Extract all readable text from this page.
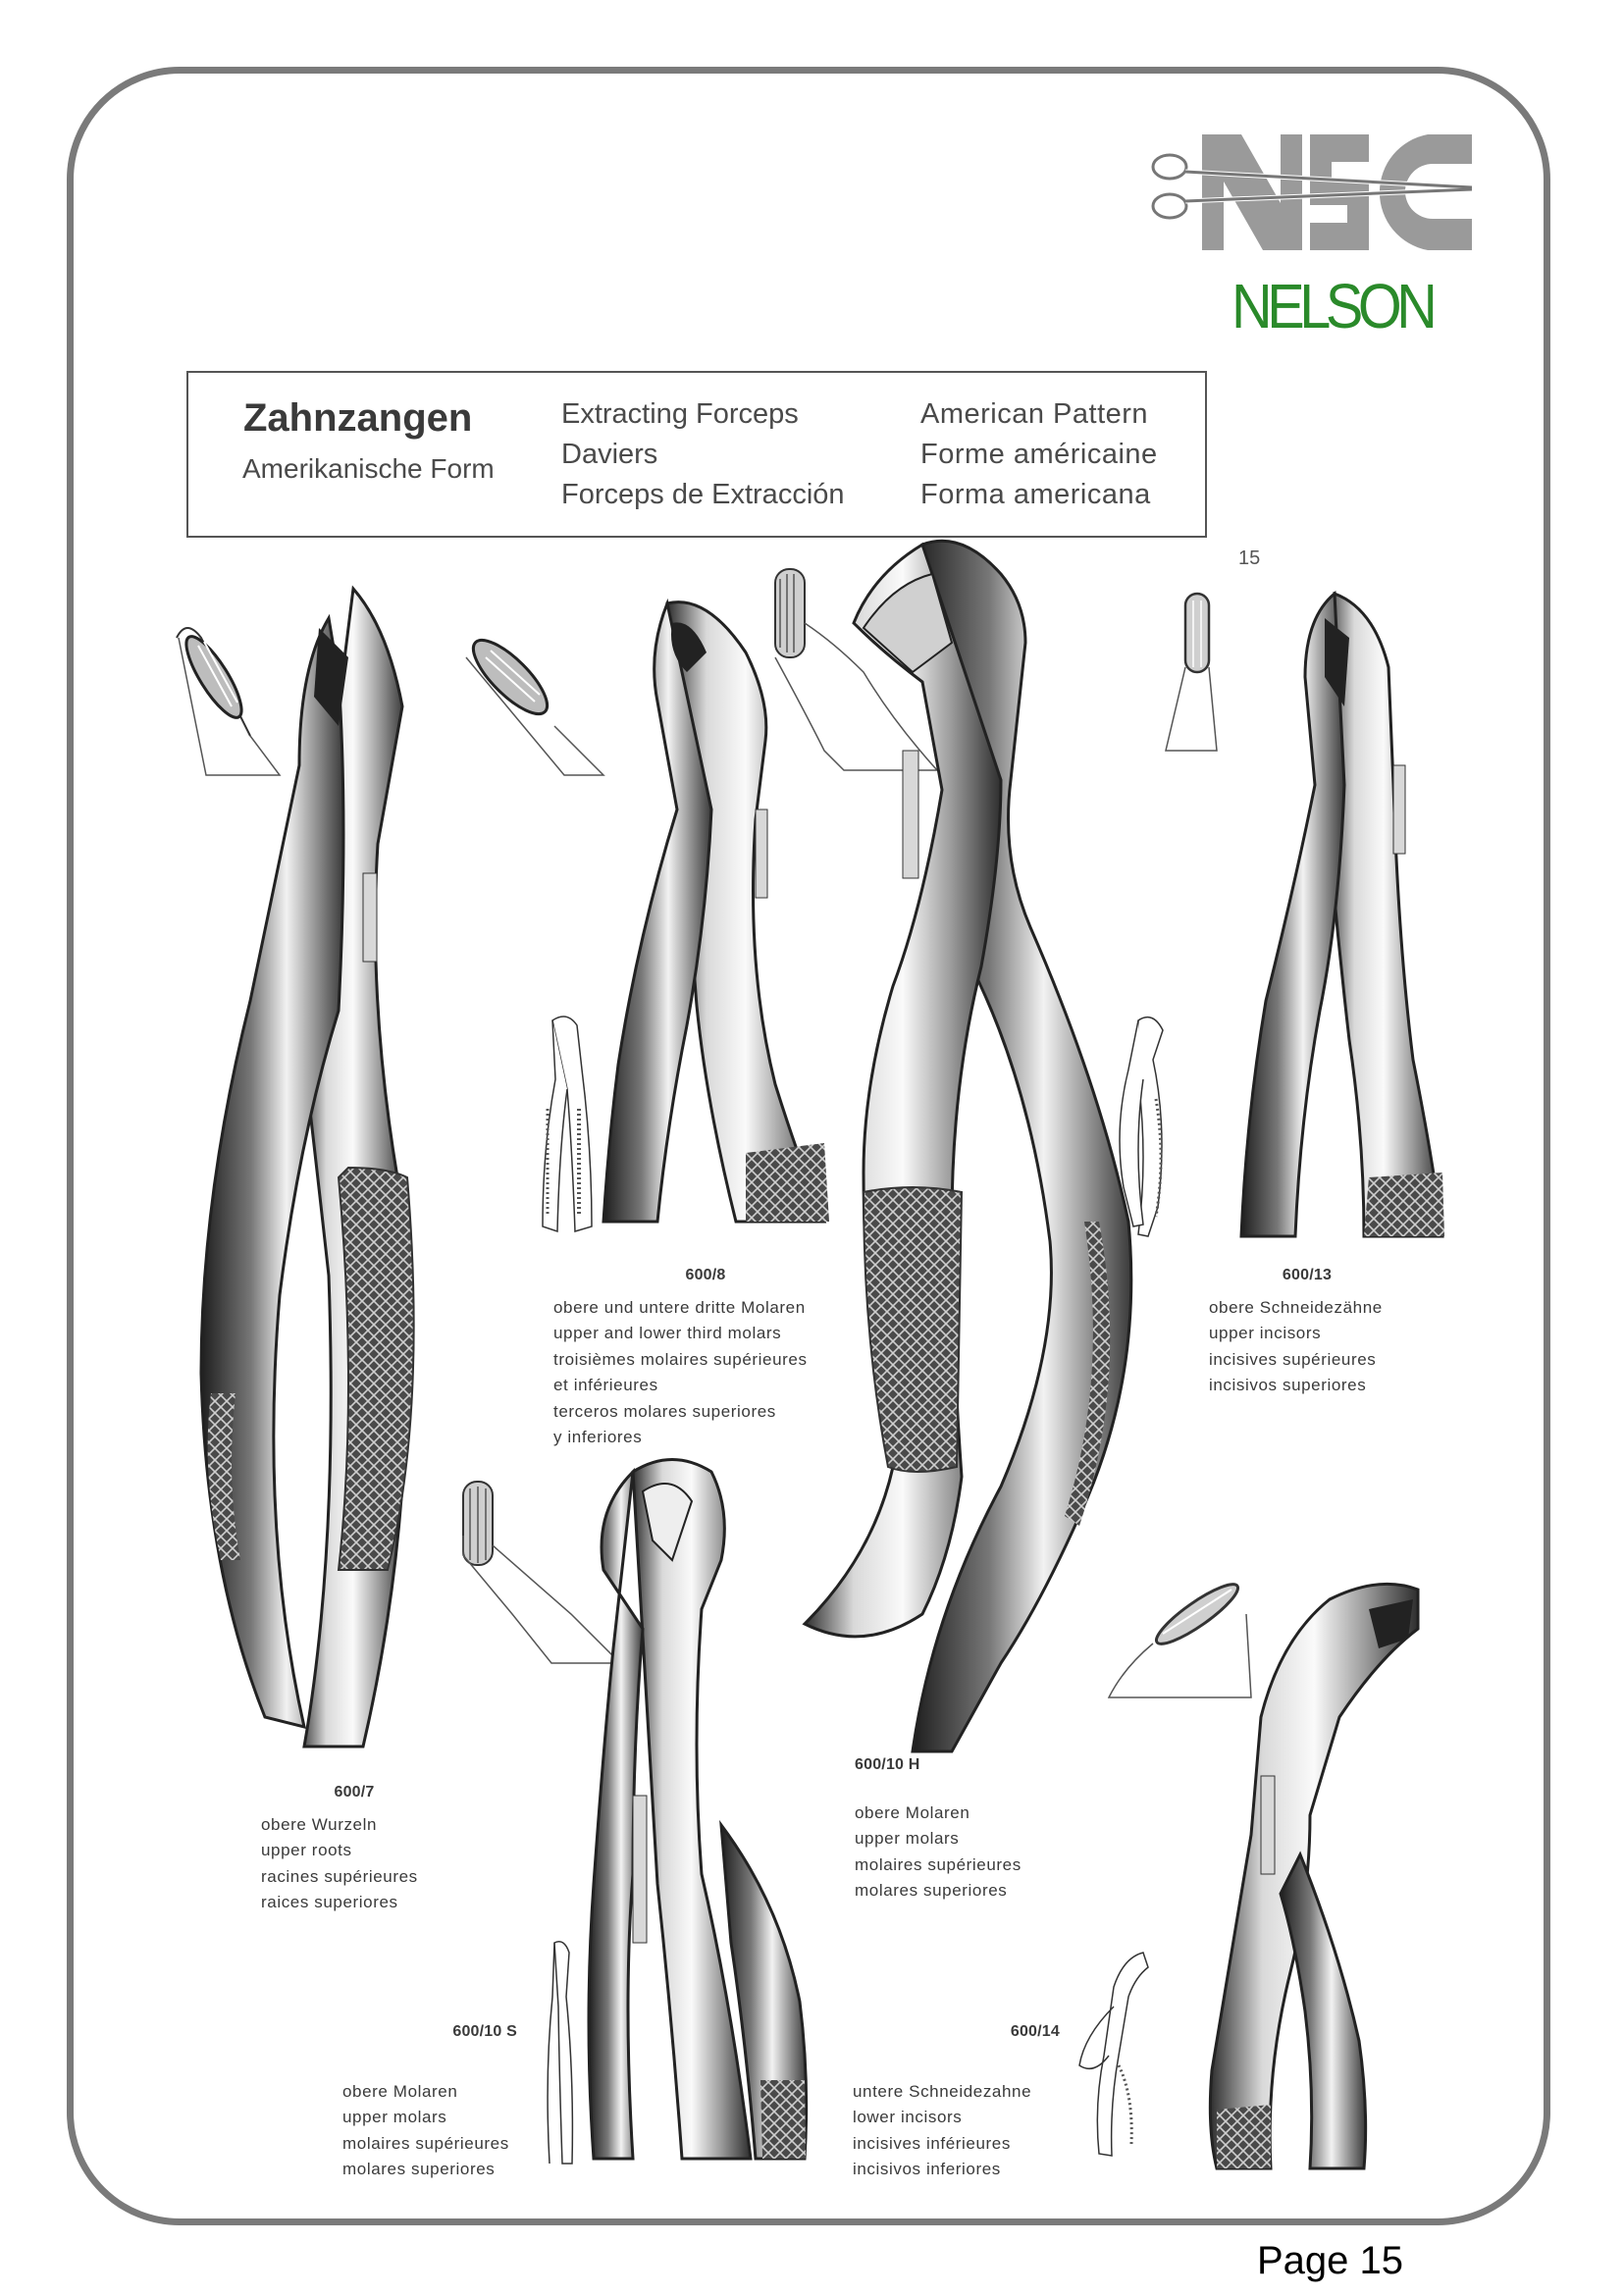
NELSON
Zahnzangen
Amerikanische Form
Extracting Forceps
Daviers
Forceps de Extracción
American Pattern
Forme américaine
Forma americana
15
600/8
obere und untere dritte Molaren
upper and lower third molars
troisièmes molaires supérieures
et inférieures
terceros molares superiores
y inferiores
600/13
obere Schneidezähne
upper incisors
incisives supérieures
incisivos superiores
600/7
obere Wurzeln
upper roots
racines supérieures
raices superiores
600/10 H
obere Molaren
upper molars
molaires supérieures
molares superiores
600/10 S
obere Molaren
upper molars
molaires supérieures
molares superiores
600/14
untere Schneidezahne
lower incisors
incisives inférieures
incisivos inferiores
Page 15
